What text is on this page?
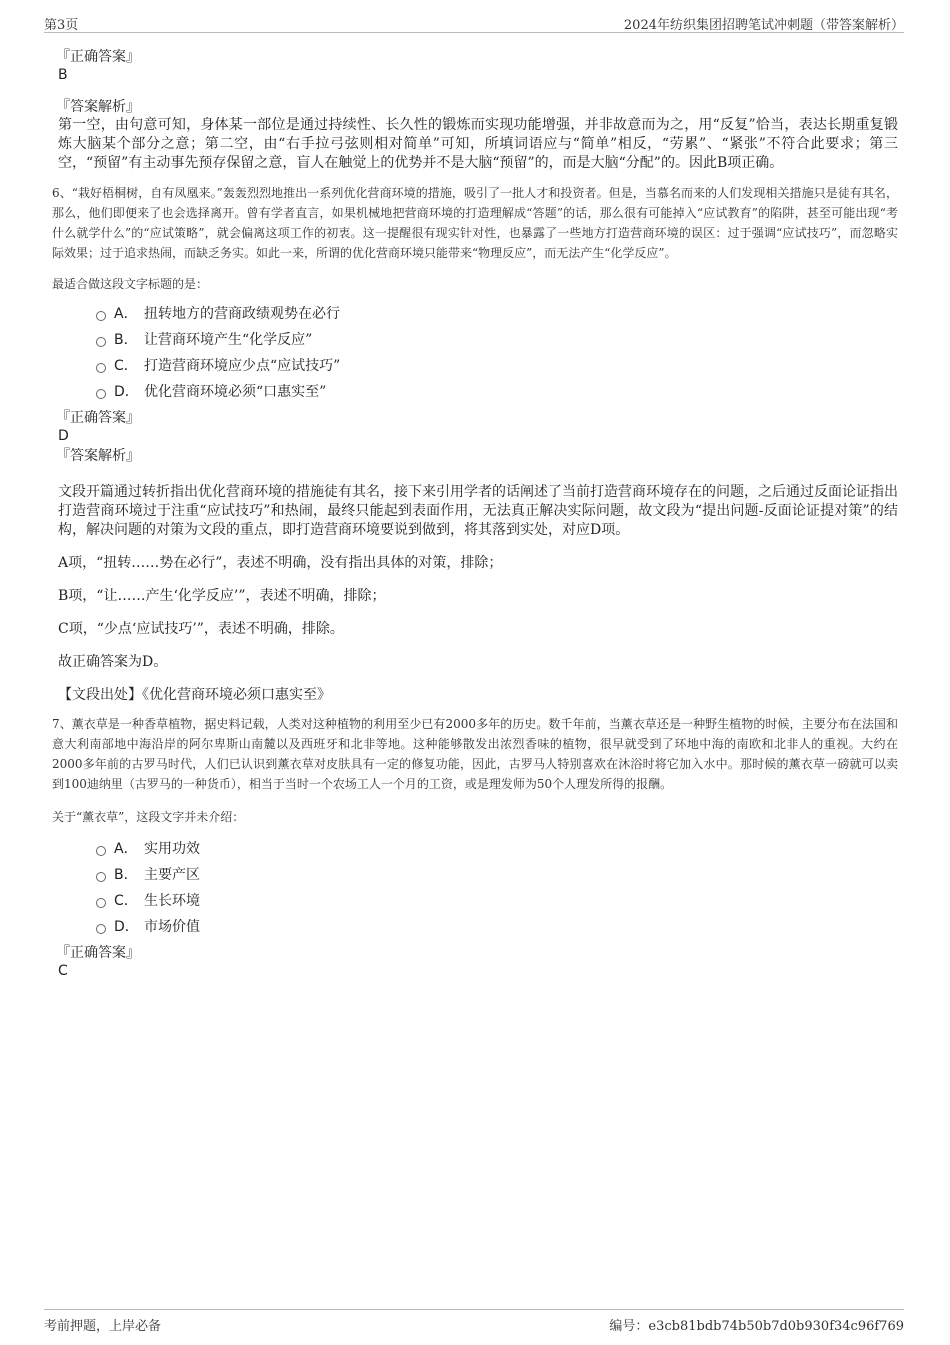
第3页	2024年纺织集团招聘笔试冲刺题（带答案解析）

『正确答案』

B

『答案解析』

第一空，由句意可知，身体某一部位是通过持续性、长久性的锻炼而实现功能增强，并非故意而为之，用“反复”恰当，表达长期重复锻炼大脑某个部分之意；第二空，由“右手拉弓弦则相对简单”可知，所填词语应与“简单”相反，“劳累”、“紧张”不符合此要求；第三空，“预留”有主动事先预存保留之意，盲人在触觉上的优势并不是大脑“预留”的，而是大脑“分配”的。因此B项正确。

6、“栽好梧桐树，自有凤凰来。”轰轰烈烈地推出一系列优化营商环境的措施，吸引了一批人才和投资者。但是，当慕名而来的人们发现相关措施只是徒有其名，那么，他们即便来了也会选择离开。曾有学者直言，如果机械地把营商环境的打造理解成“答题”的话，那么很有可能掉入“应试教育”的陷阱，甚至可能出现“考什么就学什么”的“应试策略”，就会偏离这项工作的初衷。这一提醒很有现实针对性，也暴露了一些地方打造营商环境的误区：过于强调“应试技巧”，而忽略实际效果；过于追求热闹，而缺乏务实。如此一来，所谓的优化营商环境只能带来“物理反应”，而无法产生“化学反应”。

最适合做这段文字标题的是：

A． 扭转地方的营商政绩观势在必行
B． 让营商环境产生“化学反应”
C． 打造营商环境应少点“应试技巧”
D． 优化营商环境必须“口惠实至”

『正确答案』

D

『答案解析』

文段开篇通过转折指出优化营商环境的措施徒有其名，接下来引用学者的话阐述了当前打造营商环境存在的问题，之后通过反面论证指出打造营商环境过于注重“应试技巧”和热闹，最终只能起到表面作用，无法真正解决实际问题，故文段为“提出问题-反面论证提对策”的结构，解决问题的对策为文段的重点，即打造营商环境要说到做到，将其落到实处，对应D项。

A项，“扭转……势在必行”，表述不明确，没有指出具体的对策，排除；

B项，“让……产生‘化学反应’”，表述不明确，排除；

C项，“少点‘应试技巧’”，表述不明确，排除。

故正确答案为D。

【文段出处】《优化营商环境必须口惠实至》

7、薰衣草是一种香草植物，据史料记载，人类对这种植物的利用至少已有2000多年的历史。数千年前，当薰衣草还是一种野生植物的时候，主要分布在法国和意大利南部地中海沿岸的阿尔卑斯山南麓以及西班牙和北非等地。这种能够散发出浓烈香味的植物，很早就受到了环地中海的南欧和北非人的重视。大约在2000多年前的古罗马时代，人们已认识到薰衣草对皮肤具有一定的修复功能，因此，古罗马人特别喜欢在沐浴时将它加入水中。那时候的薰衣草一磅就可以卖到100迪纳里（古罗马的一种货币），相当于当时一个农场工人一个月的工资，或是理发师为50个人理发所得的报酬。

关于“薰衣草”，这段文字并未介绍：

A． 实用功效
B． 主要产区
C． 生长环境
D． 市场价值

『正确答案』

C

考前押题，上岸必备	编号：e3cb81bdb74b50b7d0b930f34c96f769
